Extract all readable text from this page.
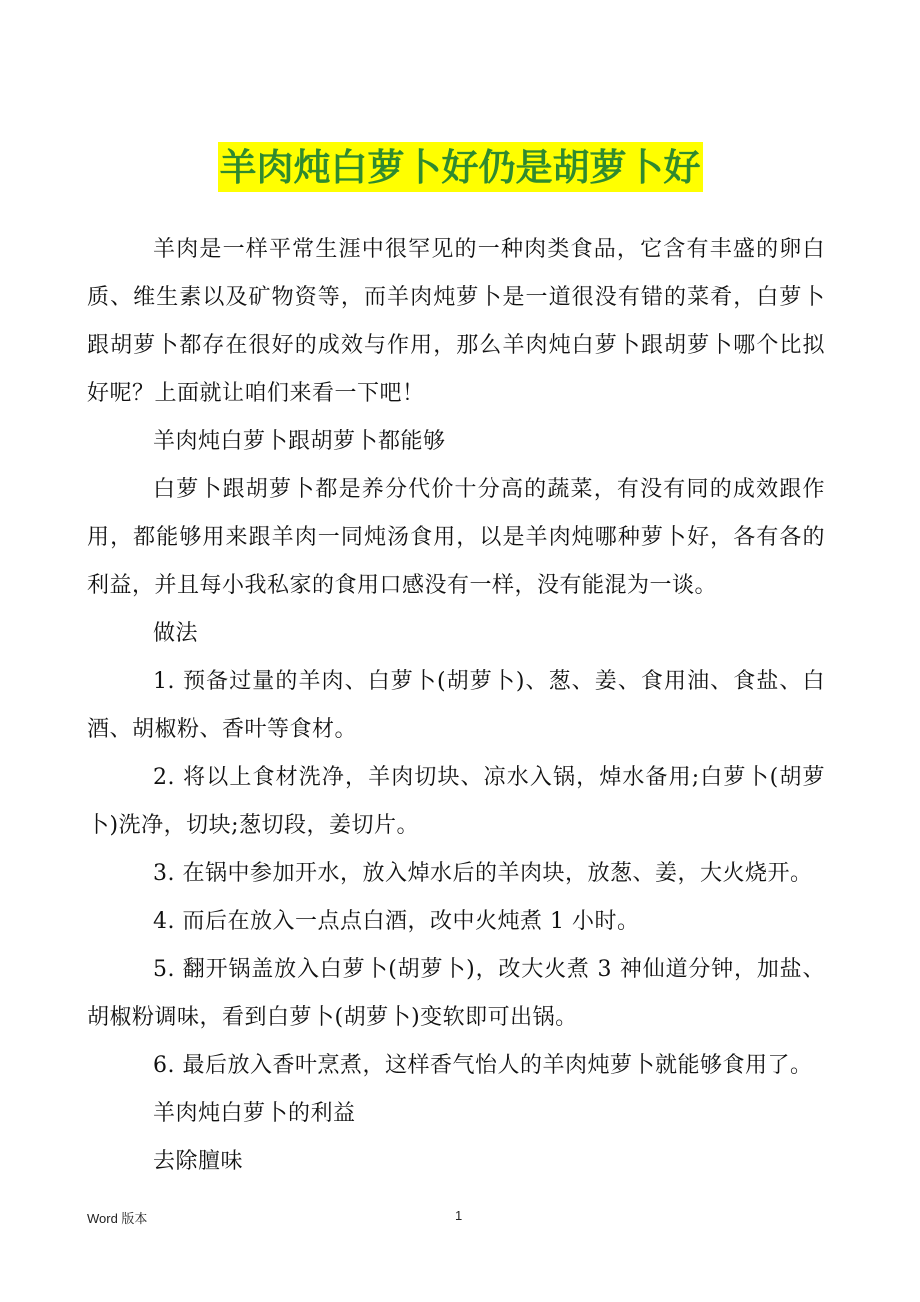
羊肉炖白萝卜好仍是胡萝卜好

羊肉是一样平常生涯中很罕见的一种肉类食品，它含有丰盛的卵白质、维生素以及矿物资等，而羊肉炖萝卜是一道很没有错的菜肴，白萝卜跟胡萝卜都存在很好的成效与作用，那么羊肉炖白萝卜跟胡萝卜哪个比拟好呢？上面就让咱们来看一下吧！

羊肉炖白萝卜跟胡萝卜都能够

白萝卜跟胡萝卜都是养分代价十分高的蔬菜，有没有同的成效跟作用，都能够用来跟羊肉一同炖汤食用，以是羊肉炖哪种萝卜好，各有各的利益，并且每小我私家的食用口感没有一样，没有能混为一谈。

做法

1. 预备过量的羊肉、白萝卜(胡萝卜)、葱、姜、食用油、食盐、白酒、胡椒粉、香叶等食材。

2. 将以上食材洗净，羊肉切块、凉水入锅，焯水备用;白萝卜(胡萝卜)洗净，切块;葱切段，姜切片。

3. 在锅中参加开水，放入焯水后的羊肉块，放葱、姜，大火烧开。

4. 而后在放入一点点白酒，改中火炖煮 1 小时。

5. 翻开锅盖放入白萝卜(胡萝卜)，改大火煮 3 神仙道分钟，加盐、胡椒粉调味，看到白萝卜(胡萝卜)变软即可出锅。

6. 最后放入香叶烹煮，这样香气怡人的羊肉炖萝卜就能够食用了。

羊肉炖白萝卜的利益

去除膻味

Word 版本	1
